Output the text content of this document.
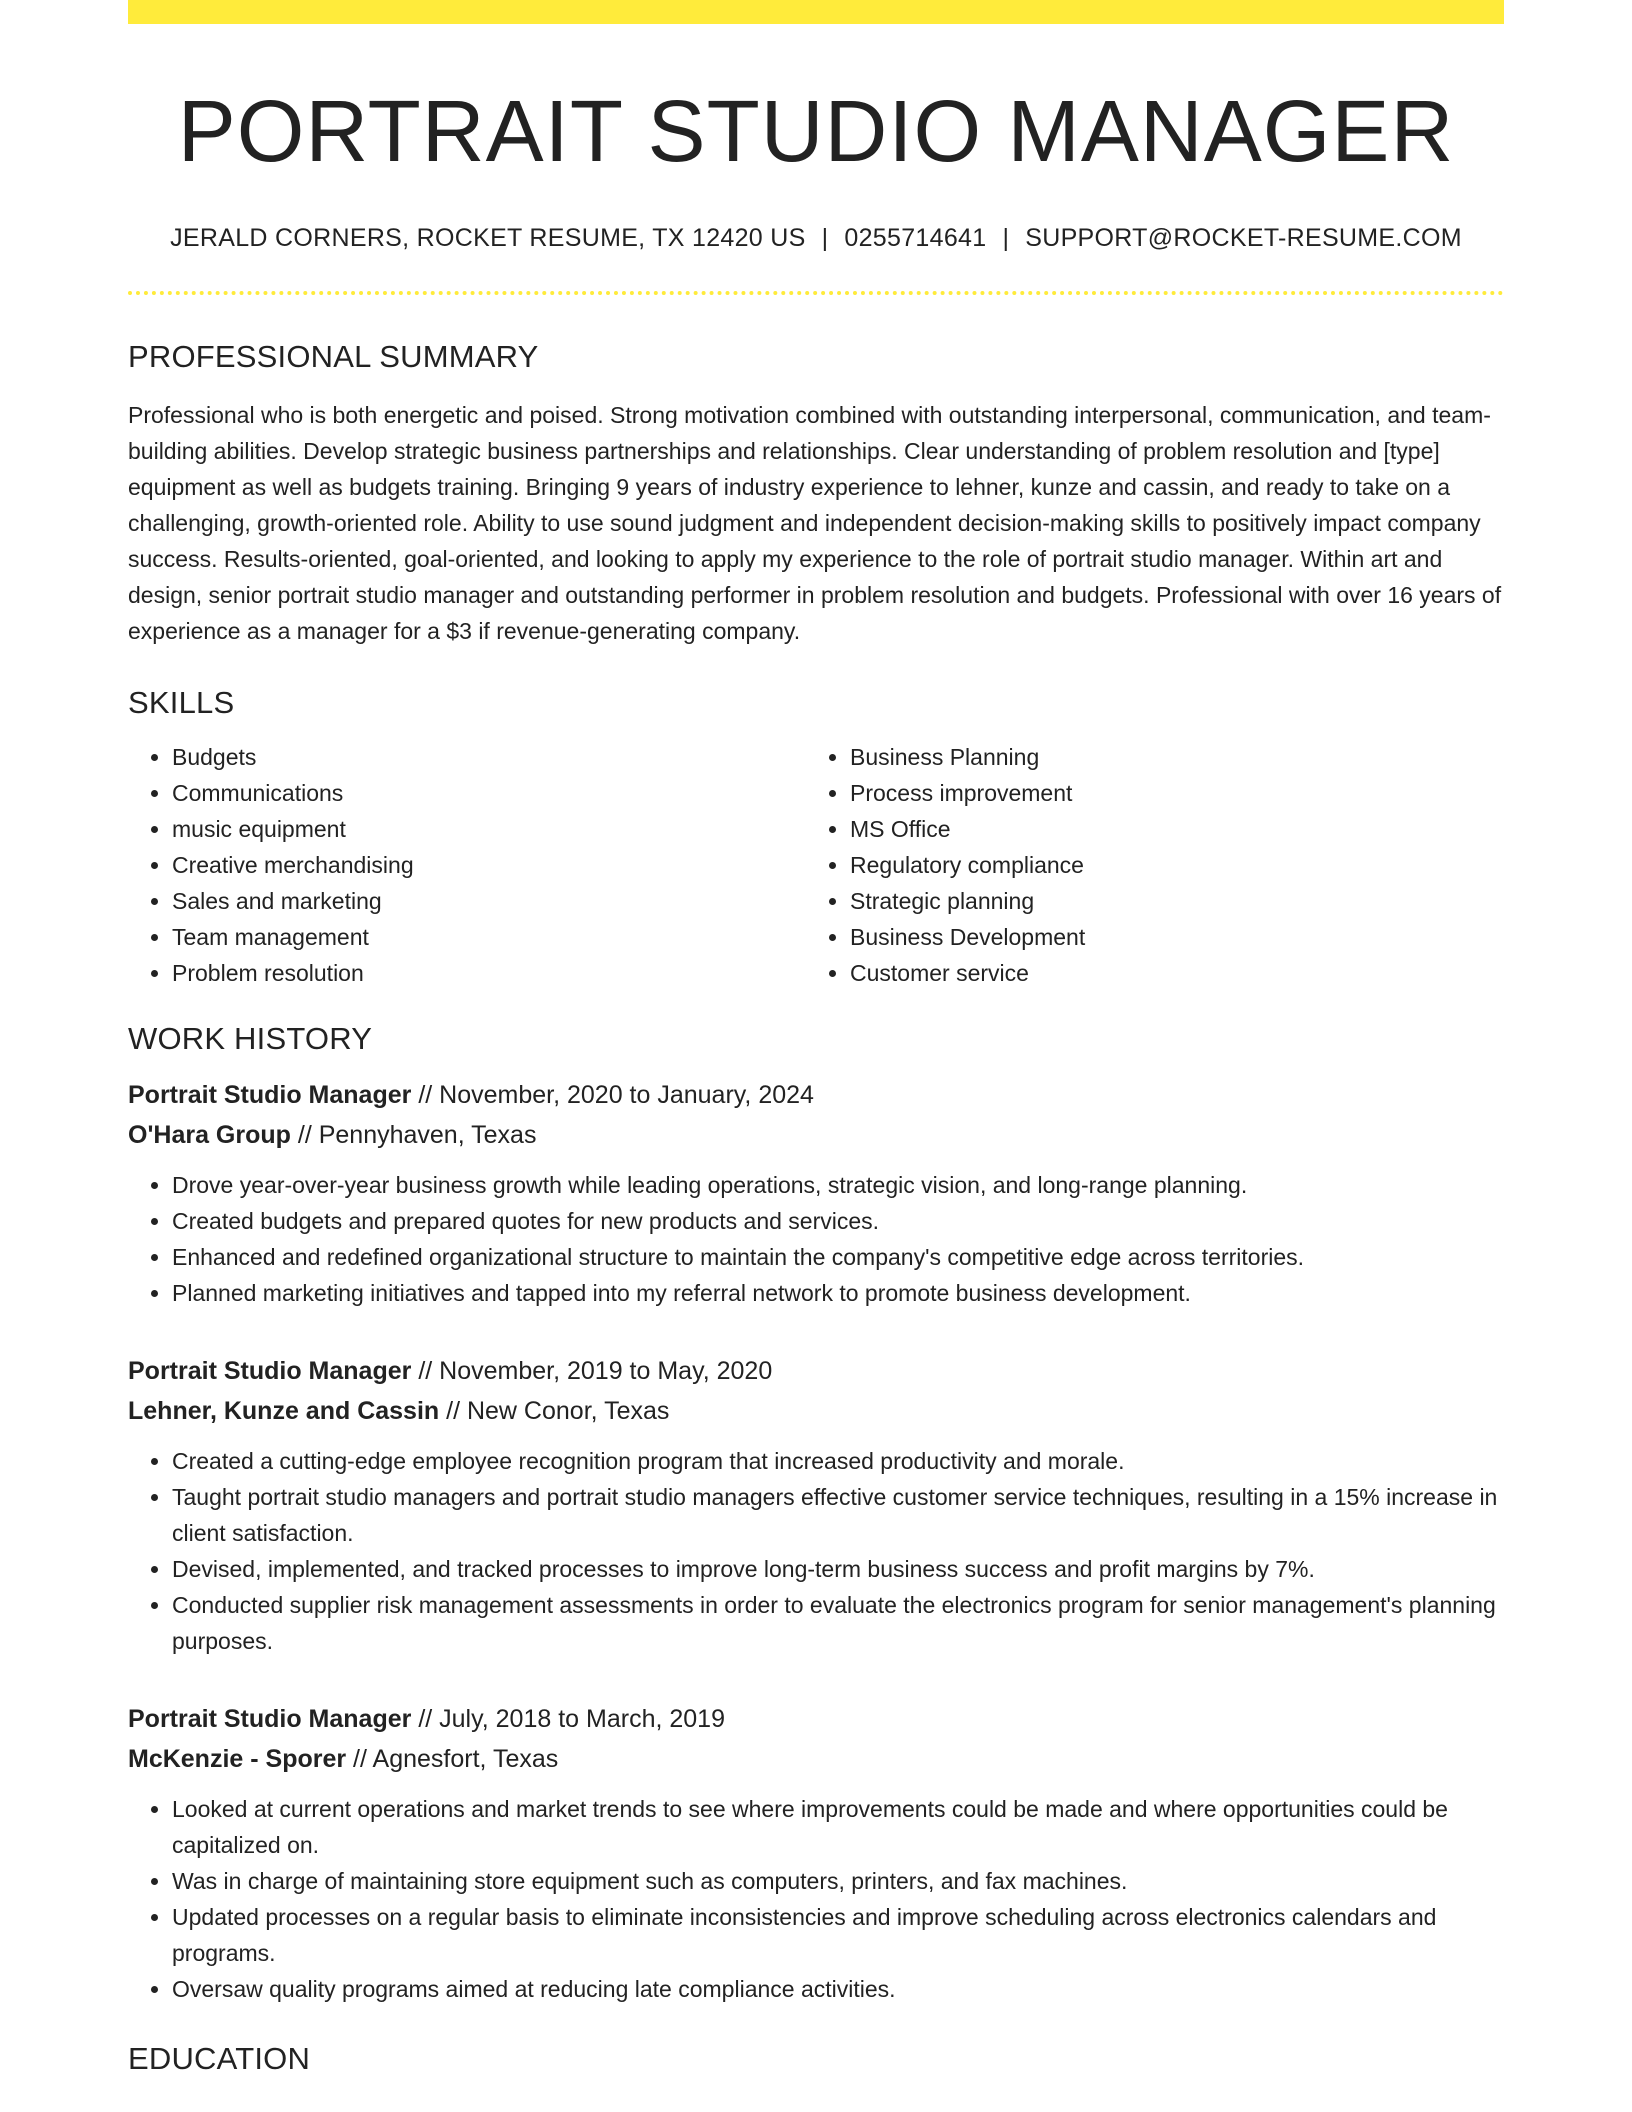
PORTRAIT STUDIO MANAGER
JERALD CORNERS, ROCKET RESUME, TX 12420 US | 0255714641 | SUPPORT@ROCKET-RESUME.COM
PROFESSIONAL SUMMARY

Professional who is both energetic and poised. Strong motivation combined with outstanding interpersonal, communication, and team-building abilities. Develop strategic business partnerships and relationships. Clear understanding of problem resolution and [type] equipment as well as budgets training. Bringing 9 years of industry experience to lehner, kunze and cassin, and ready to take on a challenging, growth-oriented role. Ability to use sound judgment and independent decision-making skills to positively impact company success. Results-oriented, goal-oriented, and looking to apply my experience to the role of portrait studio manager. Within art and design, senior portrait studio manager and outstanding performer in problem resolution and budgets. Professional with over 16 years of experience as a manager for a $3 if revenue-generating company.

SKILLS
• Budgets
• Communications
• music equipment
• Creative merchandising
• Sales and marketing
• Team management
• Problem resolution
• Business Planning
• Process improvement
• MS Office
• Regulatory compliance
• Strategic planning
• Business Development
• Customer service
WORK HISTORY
Portrait Studio Manager // November, 2020 to January, 2024
O'Hara Group // Pennyhaven, Texas
• Drove year-over-year business growth while leading operations, strategic vision, and long-range planning.
• Created budgets and prepared quotes for new products and services.
• Enhanced and redefined organizational structure to maintain the company's competitive edge across territories.
• Planned marketing initiatives and tapped into my referral network to promote business development.
Portrait Studio Manager // November, 2019 to May, 2020
Lehner, Kunze and Cassin // New Conor, Texas
• Created a cutting-edge employee recognition program that increased productivity and morale.
• Taught portrait studio managers and portrait studio managers effective customer service techniques, resulting in a 15% increase in client satisfaction.
• Devised, implemented, and tracked processes to improve long-term business success and profit margins by 7%.
• Conducted supplier risk management assessments in order to evaluate the electronics program for senior management's planning purposes.
Portrait Studio Manager // July, 2018 to March, 2019
McKenzie - Sporer // Agnesfort, Texas
• Looked at current operations and market trends to see where improvements could be made and where opportunities could be capitalized on.
• Was in charge of maintaining store equipment such as computers, printers, and fax machines.
• Updated processes on a regular basis to eliminate inconsistencies and improve scheduling across electronics calendars and programs.
• Oversaw quality programs aimed at reducing late compliance activities.
EDUCATION
